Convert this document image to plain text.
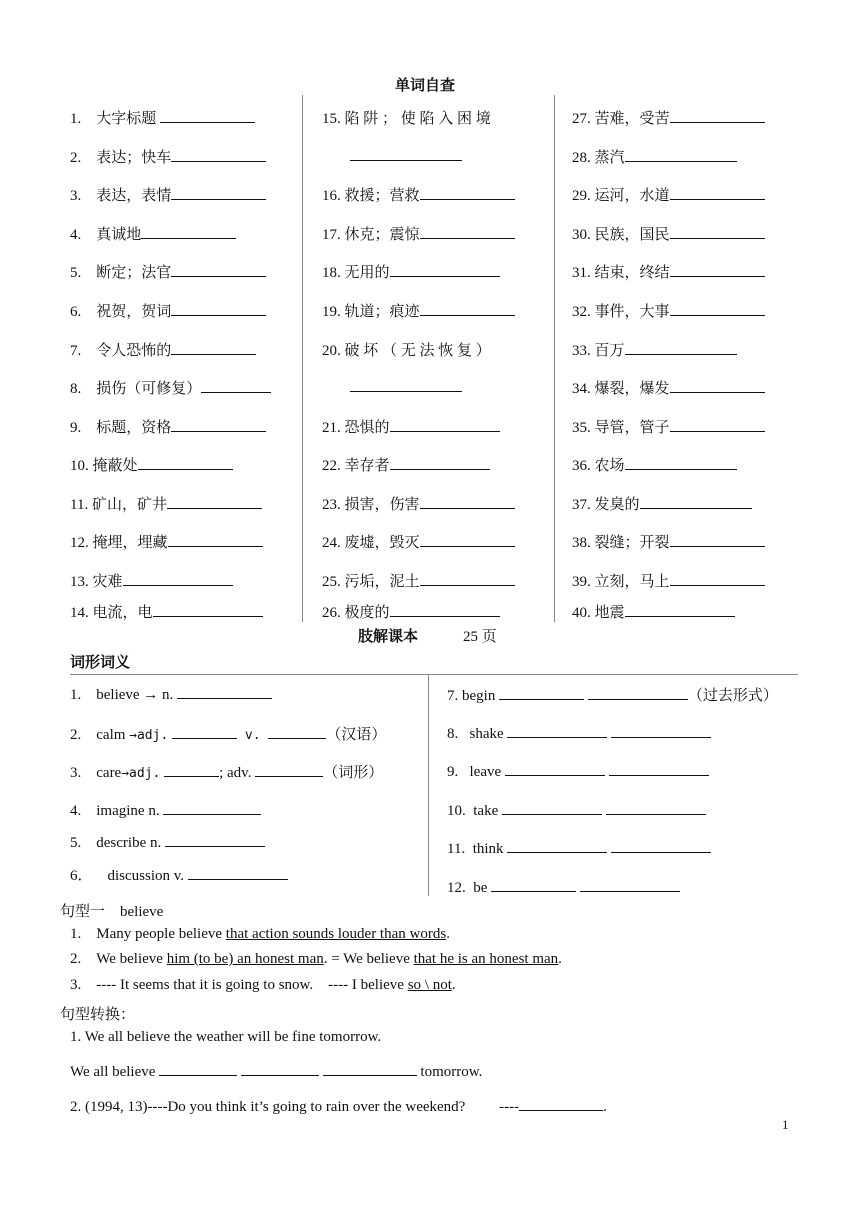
单词自查
1. 大字标题
2. 表达；快车
3. 表达，表情
4. 真诚地
5. 断定；法官
6. 祝贺，贺词
7. 令人恐怖的
8. 损伤（可修复）
9. 标题，资格
10. 掩蔽处
11. 矿山，矿井
12. 掩埋，埋藏
13. 灾难
14. 电流，电
15. 陷 阱 ； 使 陷 入 困 境
16. 救援；营救
17. 休克；震惊
18. 无用的
19. 轨道；痕迹
20. 破 坏 （ 无 法 恢 复 ）
21. 恐惧的
22. 幸存者
23. 损害，伤害
24. 废墟，毁灭
25. 污垢，泥土
26. 极度的
27. 苦难，受苦
28. 蒸汽
29. 运河，水道
30. 民族，国民
31. 结束，终结
32. 事件，大事
33. 百万
34. 爆裂，爆发
35. 导管，管子
36. 农场
37. 发臭的
38. 裂缝；开裂
39. 立刻，马上
40. 地震
肢解课本	25 页
词形词义
1. believe → n.
2. calm →adj.	v.	（汉语）
3. care→adj.	; adv.	（词形）
4. imagine n.
5. describe n.
6．    discussion v.
7. begin	（过去形式）
8. shake
9. leave
10. take
11. think
12. be
句型一 believe
1. Many people believe that action sounds louder than words.
2. We believe him (to be) an honest man. = We believe that he is an honest man.
3. ---- It seems that it is going to snow.    ---- I believe so \ not.
句型转换：
1. We all believe the weather will be fine tomorrow.
We all believe	tomorrow.
2. (1994, 13)----Do you think it’s going to rain over the weekend? ----	.
1
